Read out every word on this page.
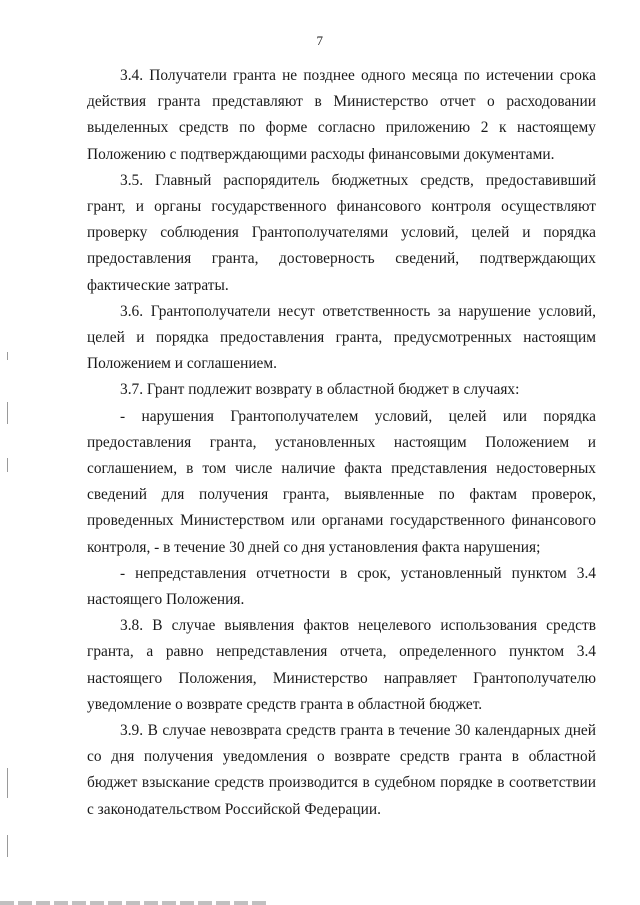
7

3.4. Получатели гранта не позднее одного месяца по истечении срока действия гранта представляют в Министерство отчет о расходовании выделенных средств по форме согласно приложению 2 к настоящему Положению с подтверждающими расходы финансовыми документами.

3.5. Главный распорядитель бюджетных средств, предоставивший грант, и органы государственного финансового контроля осуществляют проверку соблюдения Грантополучателями условий, целей и порядка предоставления гранта, достоверность сведений, подтверждающих фактические затраты.

3.6. Грантополучатели несут ответственность за нарушение условий, целей и порядка предоставления гранта, предусмотренных настоящим Положением и соглашением.

3.7. Грант подлежит возврату в областной бюджет в случаях:

- нарушения Грантополучателем условий, целей или порядка предоставления гранта, установленных настоящим Положением и соглашением, в том числе наличие факта представления недостоверных сведений для получения гранта, выявленные по фактам проверок, проведенных Министерством или органами государственного финансового контроля, - в течение 30 дней со дня установления факта нарушения;

- непредставления отчетности в срок, установленный пунктом 3.4 настоящего Положения.

3.8. В случае выявления фактов нецелевого использования средств гранта, а равно непредставления отчета, определенного пунктом 3.4 настоящего Положения, Министерство направляет Грантополучателю уведомление о возврате средств гранта в областной бюджет.

3.9. В случае невозврата средств гранта в течение 30 календарных дней со дня получения уведомления о возврате средств гранта в областной бюджет взыскание средств производится в судебном порядке в соответствии с законодательством Российской Федерации.
